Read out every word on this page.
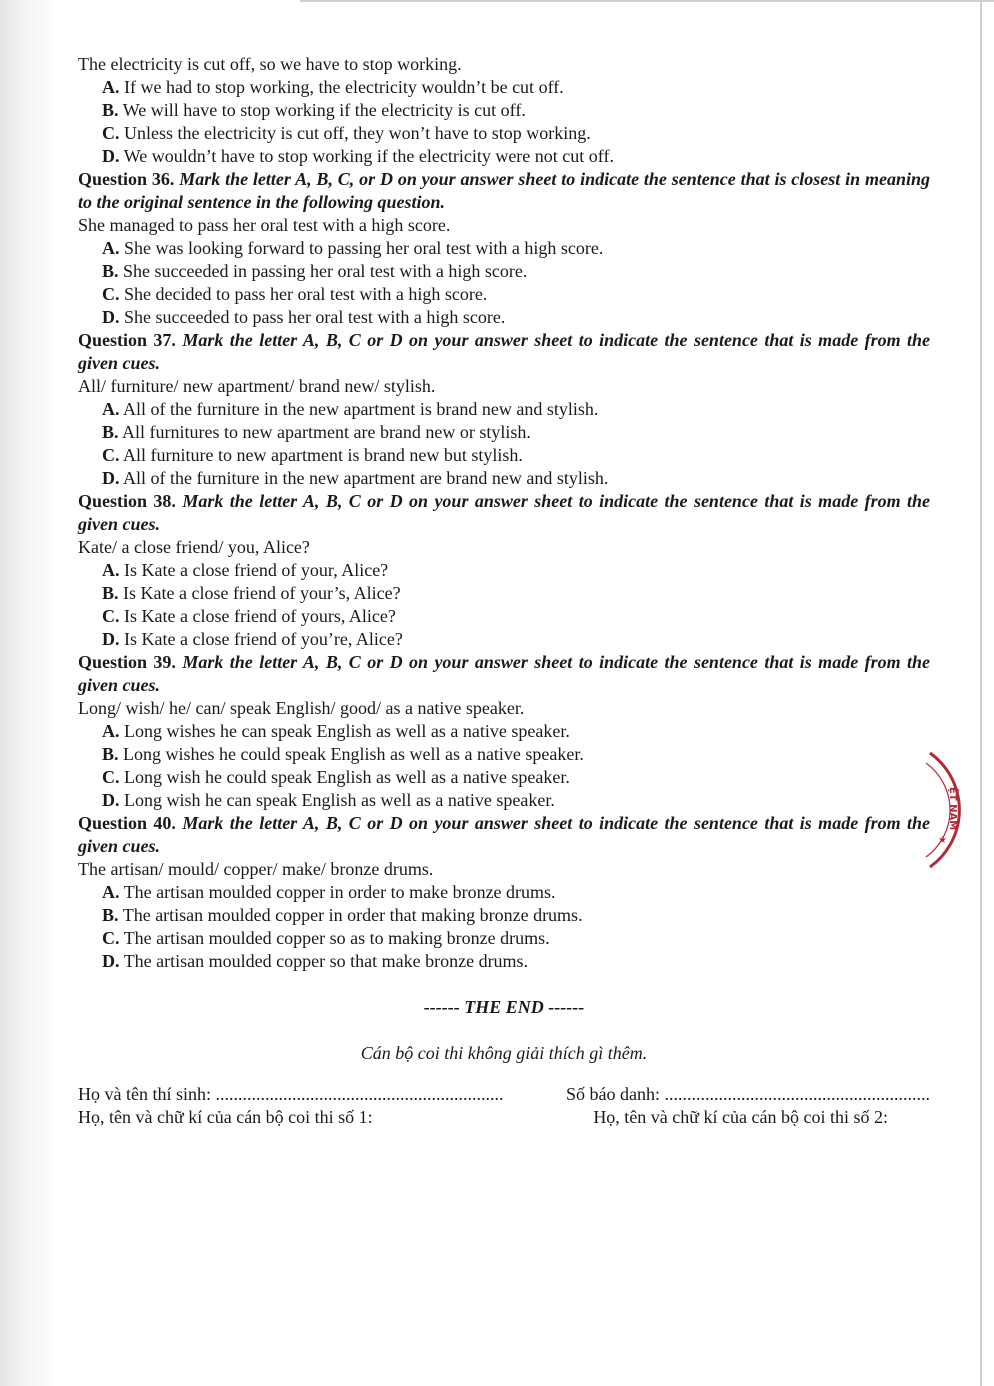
The electricity is cut off, so we have to stop working.
A. If we had to stop working, the electricity wouldn’t be cut off.
B. We will have to stop working if the electricity is cut off.
C. Unless the electricity is cut off, they won’t have to stop working.
D. We wouldn’t have to stop working if the electricity were not cut off.
Question 36. Mark the letter A, B, C, or D on your answer sheet to indicate the sentence that is closest in meaning to the original sentence in the following question.
She managed to pass her oral test with a high score.
A. She was looking forward to passing her oral test with a high score.
B. She succeeded in passing her oral test with a high score.
C. She decided to pass her oral test with a high score.
D. She succeeded to pass her oral test with a high score.
Question 37. Mark the letter A, B, C or D on your answer sheet to indicate the sentence that is made from the given cues.
All/ furniture/ new apartment/ brand new/ stylish.
A. All of the furniture in the new apartment is brand new and stylish.
B. All furnitures to new apartment are brand new or stylish.
C. All furniture to new apartment is brand new but stylish.
D. All of the furniture in the new apartment are brand new and stylish.
Question 38. Mark the letter A, B, C or D on your answer sheet to indicate the sentence that is made from the given cues.
Kate/ a close friend/ you, Alice?
A. Is Kate a close friend of your, Alice?
B. Is Kate a close friend of your’s, Alice?
C. Is Kate a close friend of yours, Alice?
D. Is Kate a close friend of you’re, Alice?
Question 39. Mark the letter A, B, C or D on your answer sheet to indicate the sentence that is made from the given cues.
Long/ wish/ he/ can/ speak English/ good/ as a native speaker.
A. Long wishes he can speak English as well as a native speaker.
B. Long wishes he could speak English as well as a native speaker.
C. Long wish he could speak English as well as a native speaker.
D. Long wish he can speak English as well as a native speaker.
Question 40. Mark the letter A, B, C or D on your answer sheet to indicate the sentence that is made from the given cues.
The artisan/ mould/ copper/ make/ bronze drums.
A. The artisan moulded copper in order to make bronze drums.
B. The artisan moulded copper in order that making bronze drums.
C. The artisan moulded copper so as to making bronze drums.
D. The artisan moulded copper so that make bronze drums.
------ THE END ------
Cán bộ coi thi không giải thích gì thêm.
Họ và tên thí sinh: ................................................................	Số báo danh: ...........................................................
Họ, tên và chữ kí của cán bộ coi thi số 1:	Họ, tên và chữ kí của cán bộ coi thi số 2:
ỆT NAM
★
